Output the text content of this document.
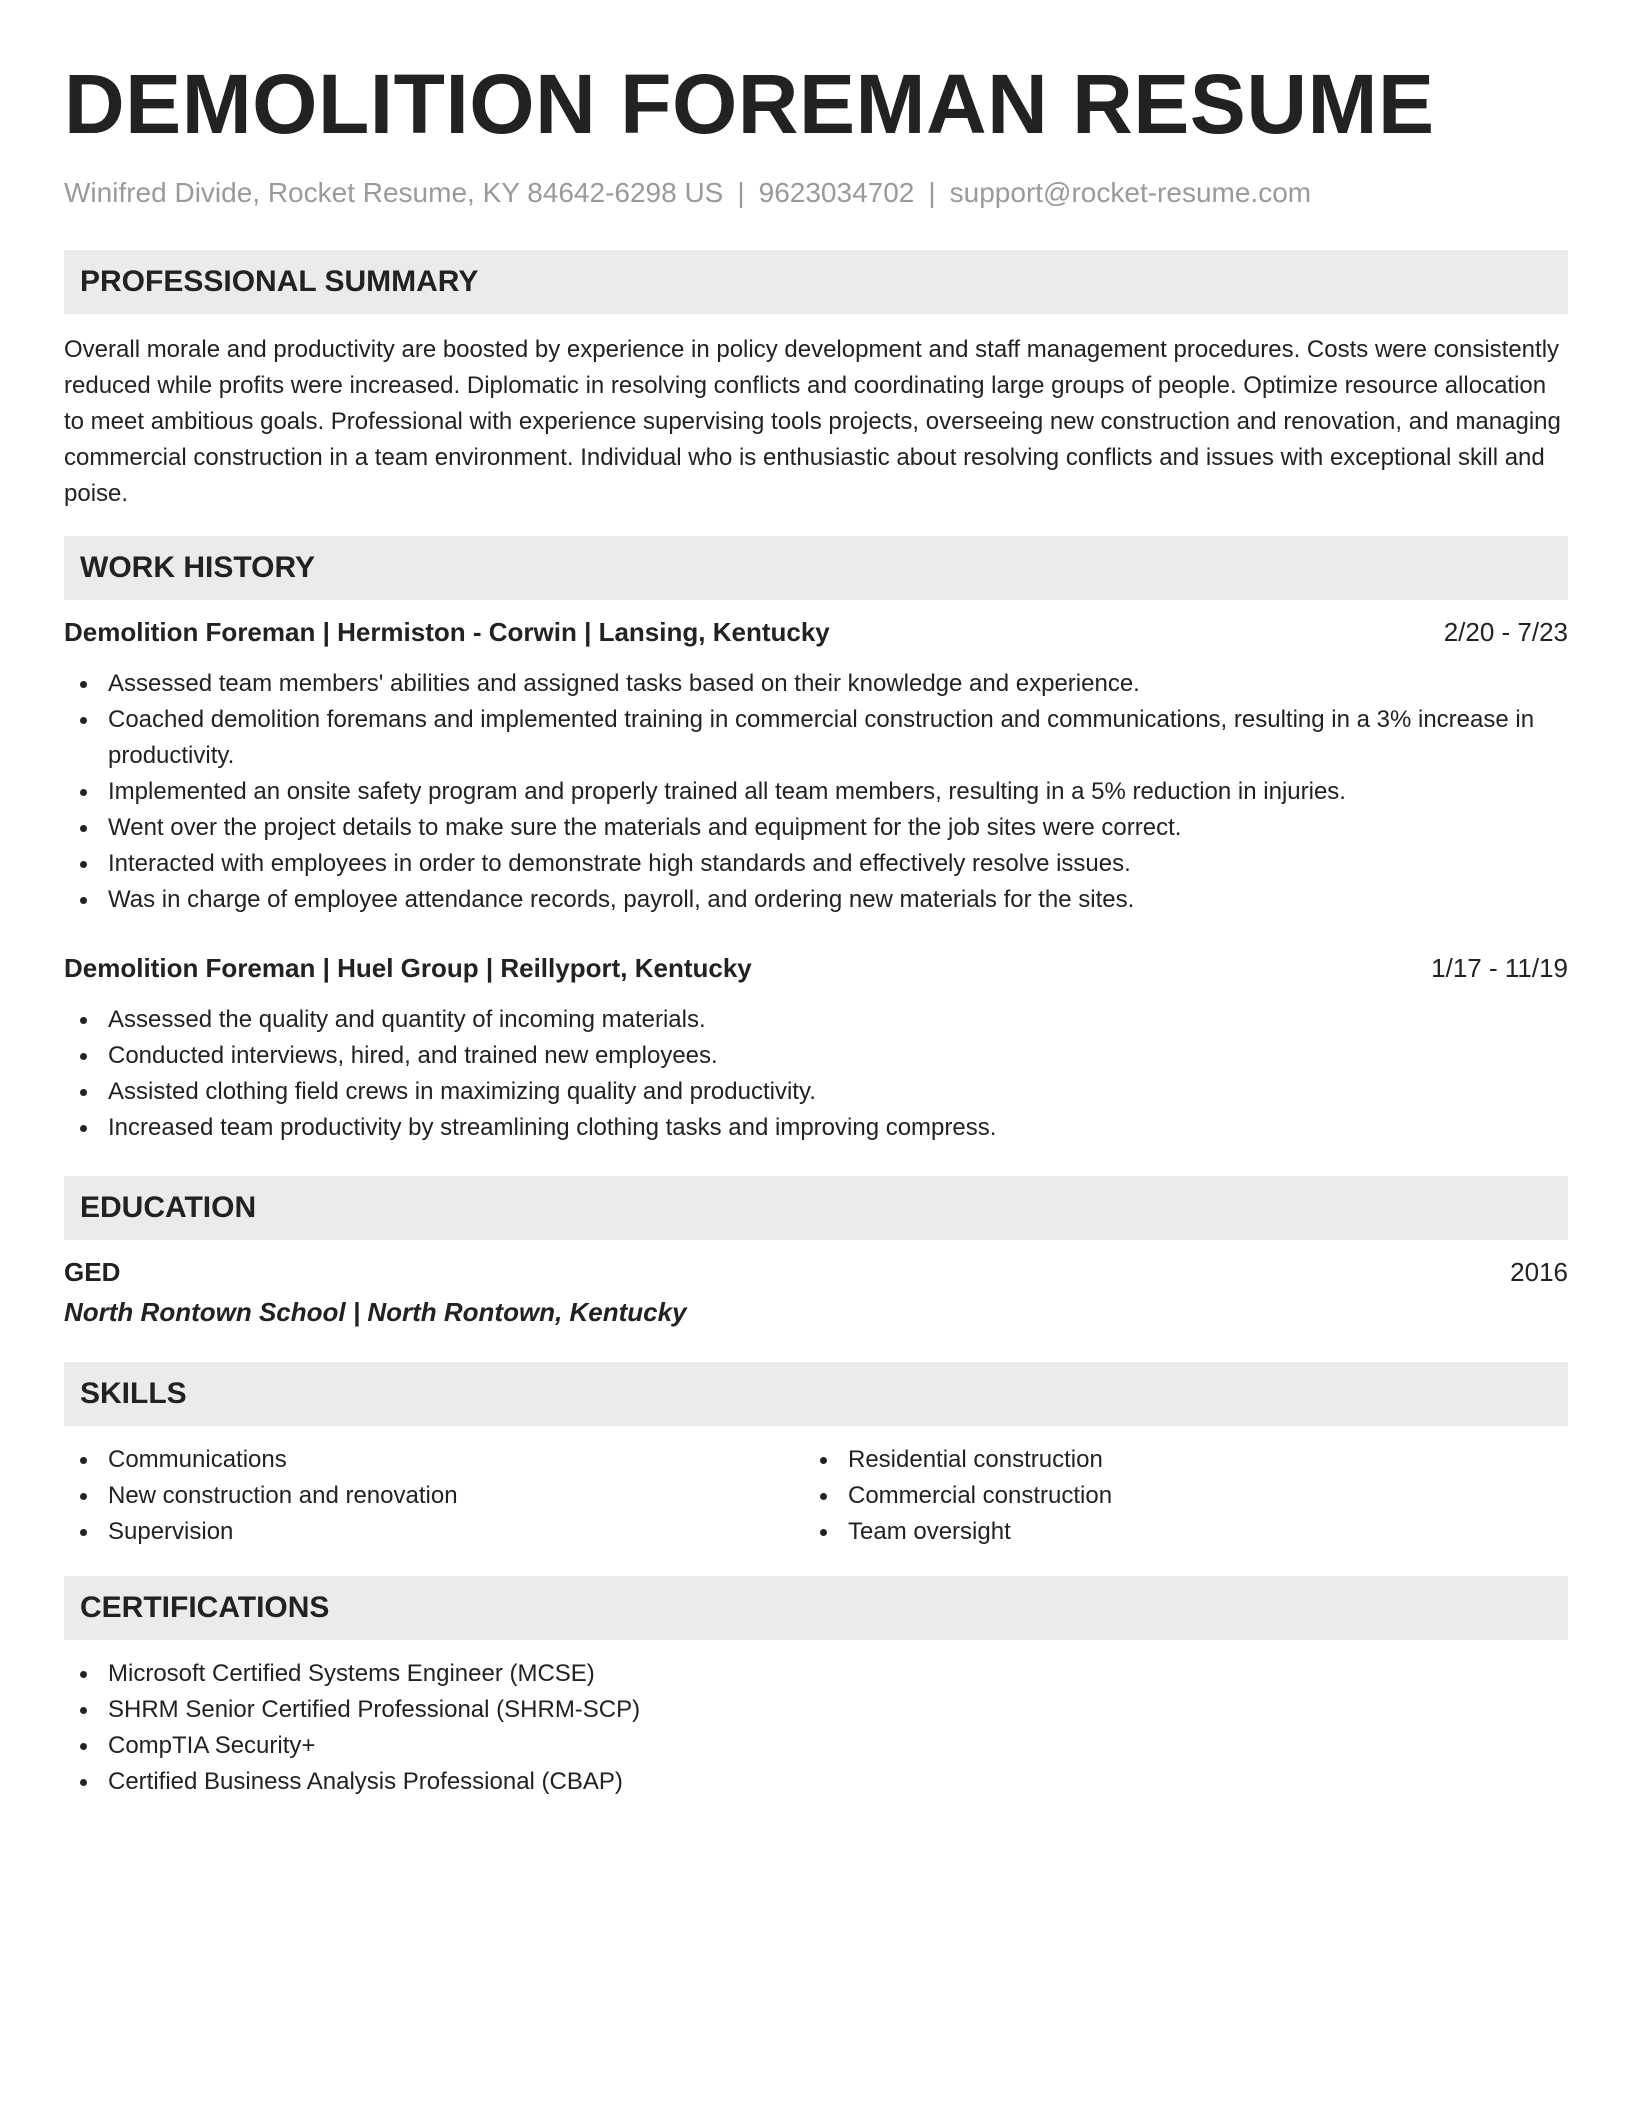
DEMOLITION FOREMAN RESUME
Winifred Divide, Rocket Resume, KY 84642-6298 US | 9623034702 | support@rocket-resume.com
PROFESSIONAL SUMMARY

Overall morale and productivity are boosted by experience in policy development and staff management procedures. Costs were consistently reduced while profits were increased. Diplomatic in resolving conflicts and coordinating large groups of people. Optimize resource allocation to meet ambitious goals. Professional with experience supervising tools projects, overseeing new construction and renovation, and managing commercial construction in a team environment. Individual who is enthusiastic about resolving conflicts and issues with exceptional skill and poise.

WORK HISTORY
Demolition Foreman | Hermiston - Corwin | Lansing, Kentucky	2/20 - 7/23
Assessed team members' abilities and assigned tasks based on their knowledge and experience.
Coached demolition foremans and implemented training in commercial construction and communications, resulting in a 3% increase in productivity.
Implemented an onsite safety program and properly trained all team members, resulting in a 5% reduction in injuries.
Went over the project details to make sure the materials and equipment for the job sites were correct.
Interacted with employees in order to demonstrate high standards and effectively resolve issues.
Was in charge of employee attendance records, payroll, and ordering new materials for the sites.
Demolition Foreman | Huel Group | Reillyport, Kentucky	1/17 - 11/19
Assessed the quality and quantity of incoming materials.
Conducted interviews, hired, and trained new employees.
Assisted clothing field crews in maximizing quality and productivity.
Increased team productivity by streamlining clothing tasks and improving compress.
EDUCATION
GED	2016
North Rontown School | North Rontown, Kentucky
SKILLS
Communications
New construction and renovation
Supervision
Residential construction
Commercial construction
Team oversight
CERTIFICATIONS
Microsoft Certified Systems Engineer (MCSE)
SHRM Senior Certified Professional (SHRM-SCP)
CompTIA Security+
Certified Business Analysis Professional (CBAP)
